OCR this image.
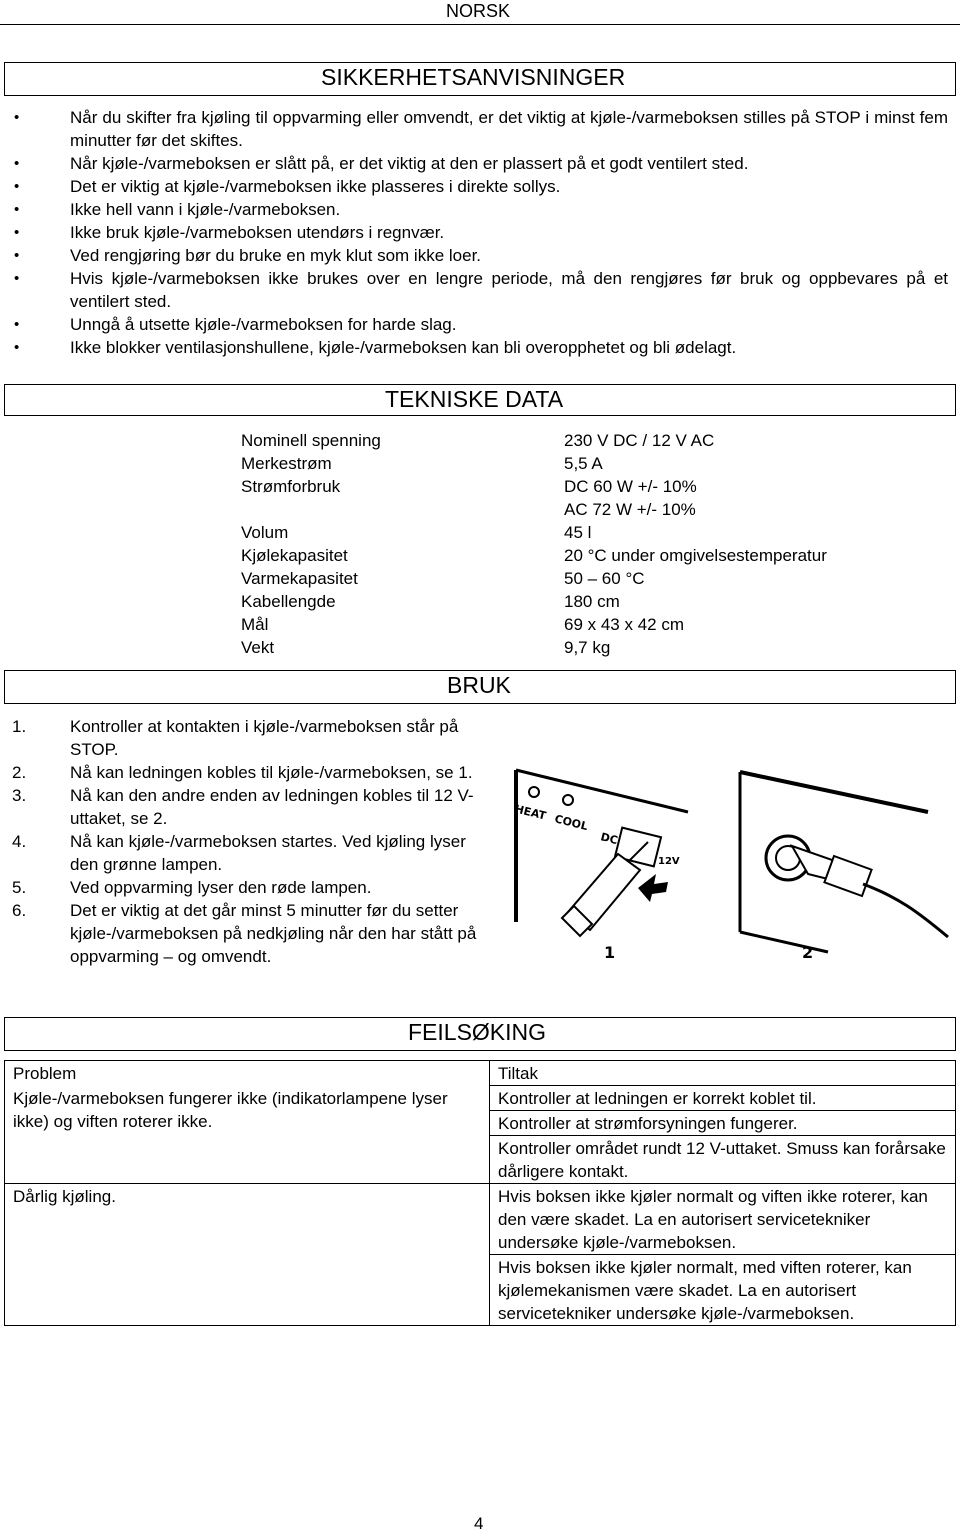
NORSK
SIKKERHETSANVISNINGER
• Når du skifter fra kjøling til oppvarming eller omvendt, er det viktig at kjøle-/varmeboksen stilles på STOP i minst fem minutter før det skiftes.
• Når kjøle-/varmeboksen er slått på, er det viktig at den er plassert på et godt ventilert sted.
• Det er viktig at kjøle-/varmeboksen ikke plasseres i direkte sollys.
• Ikke hell vann i kjøle-/varmeboksen.
• Ikke bruk kjøle-/varmeboksen utendørs i regnvær.
• Ved rengjøring bør du bruke en myk klut som ikke loer.
• Hvis kjøle-/varmeboksen ikke brukes over en lengre periode, må den rengjøres før bruk og oppbevares på et ventilert sted.
• Unngå å utsette kjøle-/varmeboksen for harde slag.
• Ikke blokker ventilasjonshullene, kjøle-/varmeboksen kan bli overopphetet og bli ødelagt.
TEKNISKE DATA
Nominell spenning	230 V DC / 12 V AC
Merkestrøm	5,5 A
Strømforbruk	DC 60 W +/- 10%
AC 72 W +/- 10%
Volum	45 l
Kjølekapasitet	20 °C under omgivelsestemperatur
Varmekapasitet	50 – 60 °C
Kabellengde	180 cm
Mål	69 x 43 x 42 cm
Vekt	9,7 kg
BRUK
1.	Kontroller at kontakten i kjøle-/varmeboksen står på STOP.
2.	Nå kan ledningen kobles til kjøle-/varmeboksen, se 1.
3.	Nå kan den andre enden av ledningen kobles til 12 V-uttaket, se 2.
4.	Nå kan kjøle-/varmeboksen startes. Ved kjøling lyser den grønne lampen.
5.	Ved oppvarming lyser den røde lampen.
6.	Det er viktig at det går minst 5 minutter før du setter kjøle-/varmeboksen på nedkjøling når den har stått på oppvarming – og omvendt.
HEAT COOL
DC
12V
1	2
FEILSØKING
Problem	Tiltak
Kjøle-/varmeboksen fungerer ikke (indikatorlampene lyser ikke) og viften roterer ikke.	Kontroller at ledningen er korrekt koblet til.
	Kontroller at strømforsyningen fungerer.
	Kontroller området rundt 12 V-uttaket. Smuss kan forårsake dårligere kontakt.
Dårlig kjøling.	Hvis boksen ikke kjøler normalt og viften ikke roterer, kan den være skadet. La en autorisert servicetekniker undersøke kjøle-/varmeboksen.
	Hvis boksen ikke kjøler normalt, med viften roterer, kan kjølemekanismen være skadet. La en autorisert servicetekniker undersøke kjøle-/varmeboksen.
4
